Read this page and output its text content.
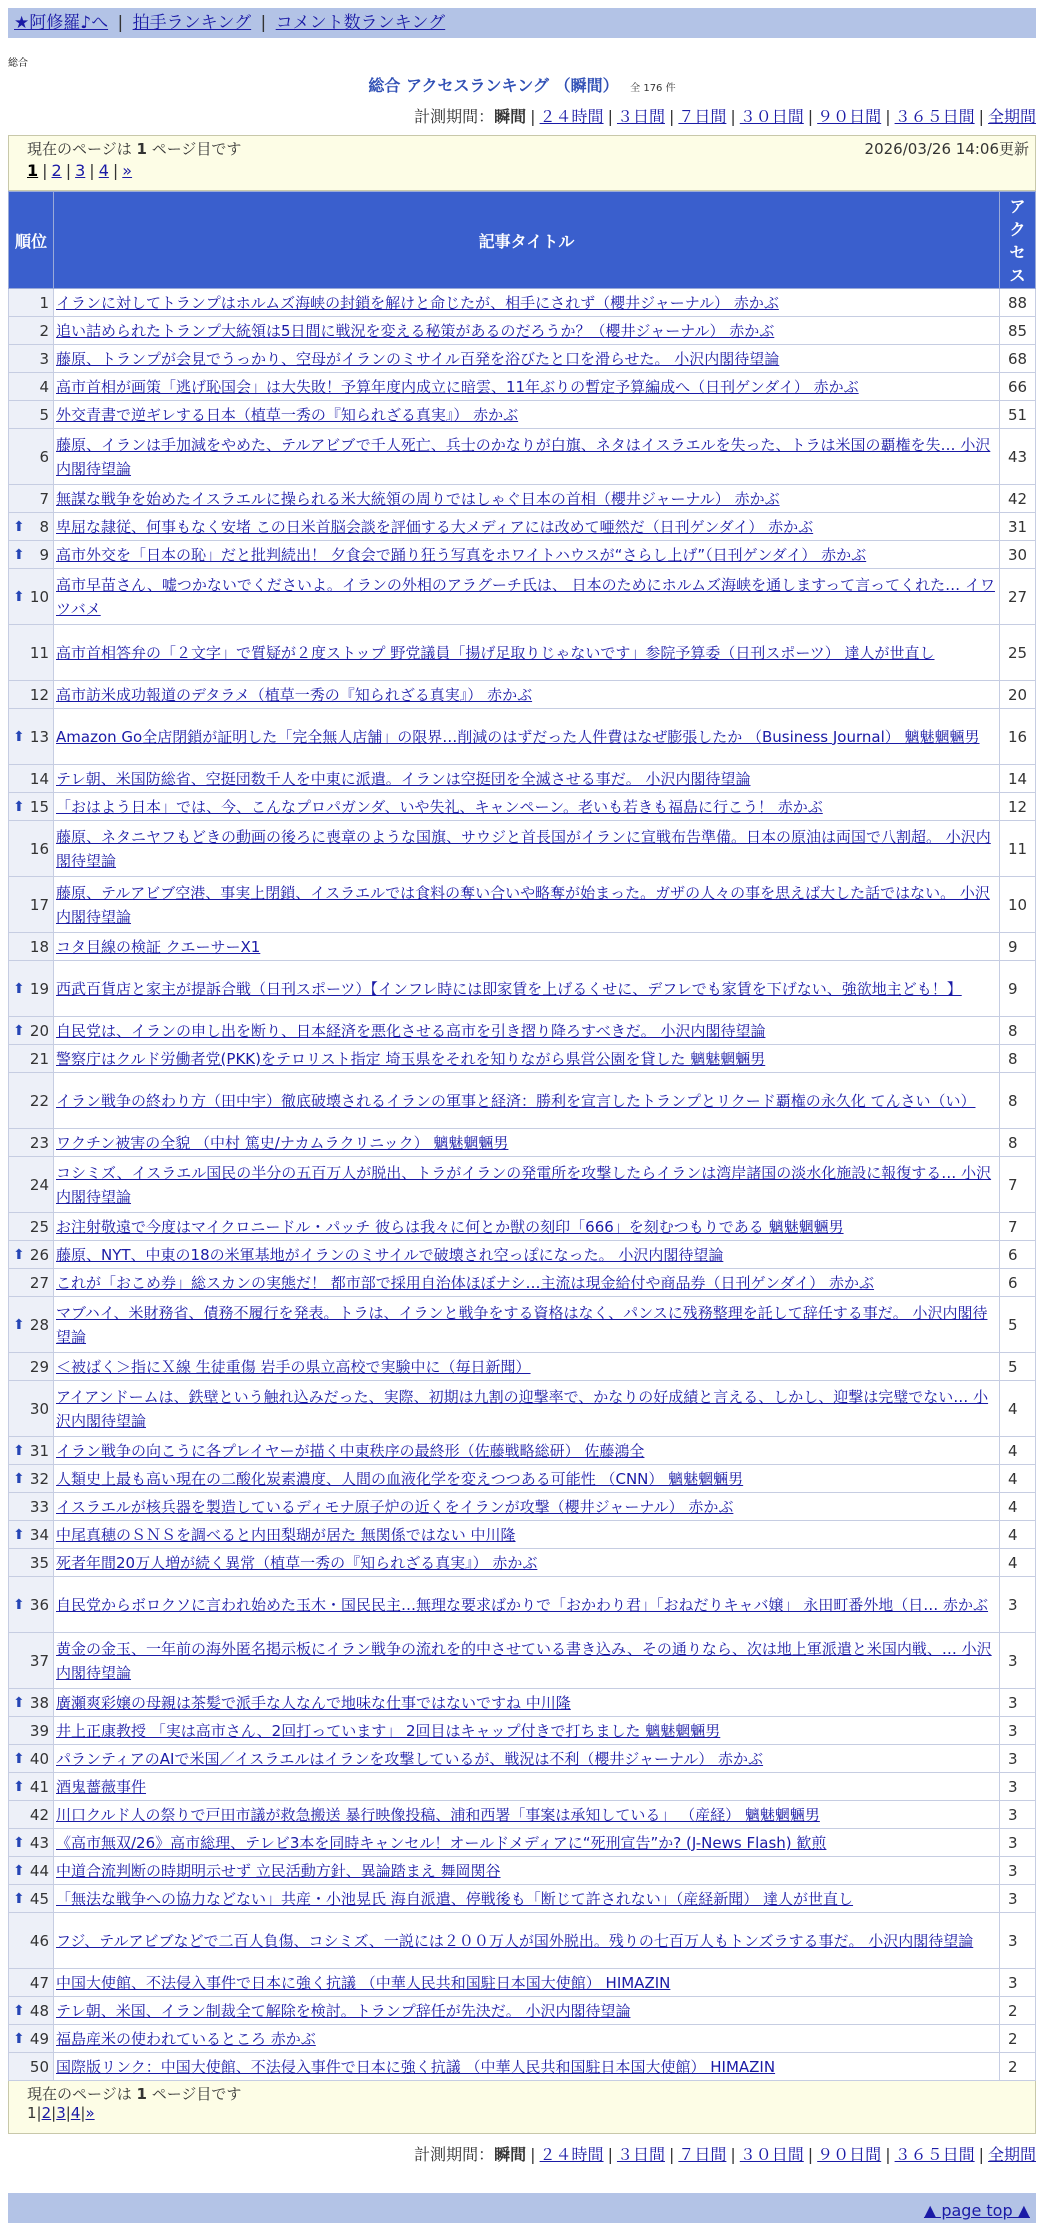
★阿修羅♪へ | 拍手ランキング | コメント数ランキング
総合
総合 アクセスランキング （瞬間） 全 176 件
計測期間：瞬間 | ２４時間 | ３日間 | ７日間 | ３０日間 | ９０日間 | ３６５日間 | 全期間
現在のページは 1 ページ目です	2026/03/26 14:06更新
1 | 2 | 3 | 4 | »
順位	記事タイトル	アクセス
1	イランに対してトランプはホルムズ海峡の封鎖を解けと命じたが、相手にされず（櫻井ジャーナル） 赤かぶ	88
2	追い詰められたトランプ大統領は5日間に戦況を変える秘策があるのだろうか？（櫻井ジャーナル） 赤かぶ	85
3	藤原、トランプが会見でうっかり、空母がイランのミサイル百発を浴びたと口を滑らせた。 小沢内閣待望論	68
4	高市首相が画策「逃げ恥国会」は大失敗！予算年度内成立に暗雲、11年ぶりの暫定予算編成へ（日刊ゲンダイ） 赤かぶ	66
5	外交青書で逆ギレする日本（植草一秀の『知られざる真実』） 赤かぶ	51
6	藤原、イランは手加減をやめた、テルアビブで千人死亡、兵士のかなりが白旗、ネタはイスラエルを失った、トラは米国の覇権を失… 小沢内閣待望論	43
7	無謀な戦争を始めたイスラエルに操られる米大統領の周りではしゃぐ日本の首相（櫻井ジャーナル） 赤かぶ	42

⬆ 8	卑屈な隷従、何事もなく安堵 この日米首脳会談を評価する大メディアには改めて唖然だ（日刊ゲンダイ） 赤かぶ	31

⬆ 9	高市外交を「日本の恥」だと批判続出！ 夕食会で踊り狂う写真をホワイトハウスが“さらし上げ”（日刊ゲンダイ） 赤かぶ	30

⬆ 10	高市早苗さん、嘘つかないでくださいよ。イランの外相のアラグーチ氏は、 日本のためにホルムズ海峡を通しますって言ってくれた… イワツバメ	27
11	高市首相答弁の「２文字」で質疑が２度ストップ 野党議員「揚げ足取りじゃないです」参院予算委（日刊スポーツ） 達人が世直し	25
12	高市訪米成功報道のデタラメ（植草一秀の『知られざる真実』） 赤かぶ	20

⬆ 13	Amazon Go全店閉鎖が証明した「完全無人店舗」の限界…削減のはずだった人件費はなぜ膨張したか （Business Journal） 魑魅魍魎男	16
14	テレ朝、米国防総省、空挺団数千人を中東に派遣。イランは空挺団を全滅させる事だ。 小沢内閣待望論	14

⬆ 15	「おはよう日本」では、今、こんなプロパガンダ、いや失礼、キャンペーン。老いも若きも福島に行こう！ 赤かぶ	12
16	藤原、ネタニヤフもどきの動画の後ろに喪章のような国旗、サウジと首長国がイランに宣戦布告準備。日本の原油は両国で八割超。 小沢内閣待望論	11
17	藤原、テルアビブ空港、事実上閉鎖、イスラエルでは食料の奪い合いや略奪が始まった。ガザの人々の事を思えば大した話ではない。 小沢内閣待望論	10
18	コタ目線の検証 クエーサーX1	9

⬆ 19	西武百貨店と家主が提訴合戦（日刊スポーツ）【インフレ時には即家賃を上げるくせに、デフレでも家賃を下げない、強欲地主ども！】	9

⬆ 20	自民党は、イランの申し出を断り、日本経済を悪化させる高市を引き摺り降ろすべきだ。 小沢内閣待望論	8
21	警察庁はクルド労働者党(PKK)をテロリスト指定 埼玉県をそれを知りながら県営公園を貸した 魑魅魍魎男	8
22	イラン戦争の終わり方（田中宇）徹底破壊されるイランの軍事と経済：勝利を宣言したトランプとリクード覇権の永久化 てんさい（い）	8
23	ワクチン被害の全貌 （中村 篤史/ナカムラクリニック） 魑魅魍魎男	8
24	コシミズ、イスラエル国民の半分の五百万人が脱出、トラがイランの発電所を攻撃したらイランは湾岸諸国の淡水化施設に報復する… 小沢内閣待望論	7
25	お注射敬遠で今度はマイクロニードル・パッチ 彼らは我々に何とか獣の刻印「666」を刻むつもりである 魑魅魍魎男	7

⬆ 26	藤原、NYT、中東の18の米軍基地がイランのミサイルで破壊され空っぽになった。 小沢内閣待望論	6
27	これが「おこめ券」総スカンの実態だ！ 都市部で採用自治体ほぼナシ…主流は現金給付や商品券（日刊ゲンダイ） 赤かぶ	6

⬆ 28	マブハイ、米財務省、債務不履行を発表。トラは、イランと戦争をする資格はなく、パンスに残務整理を託して辞任する事だ。 小沢内閣待望論	5
29	＜被ばく＞指にＸ線 生徒重傷 岩手の県立高校で実験中に（毎日新聞）	5
30	アイアンドームは、鉄壁という触れ込みだった、実際、初期は九割の迎撃率で、かなりの好成績と言える、しかし、迎撃は完璧でない… 小沢内閣待望論	4

⬆ 31	イラン戦争の向こうに各プレイヤーが描く中東秩序の最終形（佐藤戦略総研） 佐藤鴻全	4

⬆ 32	人類史上最も高い現在の二酸化炭素濃度、人間の血液化学を変えつつある可能性 （CNN） 魑魅魍魎男	4
33	イスラエルが核兵器を製造しているディモナ原子炉の近くをイランが攻撃（櫻井ジャーナル） 赤かぶ	4

⬆ 34	中尾真穂のＳＮＳを調べると内田梨瑚が居た 無関係ではない 中川隆	4
35	死者年間20万人増が続く異常（植草一秀の『知られざる真実』） 赤かぶ	4

⬆ 36	自民党からボロクソに言われ始めた玉木・国民民主…無理な要求ばかりで「おかわり君」「おねだりキャバ嬢」 永田町番外地（日… 赤かぶ	3
37	黄金の金玉、一年前の海外匿名掲示板にイラン戦争の流れを的中させている書き込み、その通りなら、次は地上軍派遣と米国内戦、… 小沢内閣待望論	3

⬆ 38	廣瀬爽彩嬢の母親は茶髪で派手な人なんで地味な仕事ではないですね 中川隆	3
39	井上正康教授 「実は高市さん、2回打っています」 2回目はキャップ付きで打ちました 魑魅魍魎男	3

⬆ 40	パランティアのAIで米国／イスラエルはイランを攻撃しているが、戦況は不利（櫻井ジャーナル） 赤かぶ	3

⬆ 41	酒鬼薔薇事件	3
42	川口クルド人の祭りで戸田市議が救急搬送 暴行映像投稿、浦和西署「事案は承知している」 （産経） 魑魅魍魎男	3

⬆ 43	《高市無双/26》高市総理、テレビ3本を同時キャンセル！オールドメディアに“死刑宣告”か? (J-News Flash) 歓煎	3

⬆ 44	中道合流判断の時期明示せず 立民活動方針、異論踏まえ 舞岡関谷	3

⬆ 45	「無法な戦争への協力などない」共産・小池晃氏 海自派遣、停戦後も「断じて許されない」（産経新聞） 達人が世直し	3
46	フジ、テルアビブなどで二百人負傷、コシミズ、一説には２００万人が国外脱出。残りの七百万人もトンズラする事だ。 小沢内閣待望論	3
47	中国大使館、不法侵入事件で日本に強く抗議 （中華人民共和国駐日本国大使館） HIMAZIN	3

⬆ 48	テレ朝、米国、イラン制裁全て解除を検討。トランプ辞任が先決だ。 小沢内閣待望論	2

⬆ 49	福島産米の使われているところ 赤かぶ	2
50	国際版リンク：中国大使館、不法侵入事件で日本に強く抗議 （中華人民共和国駐日本国大使館） HIMAZIN	2
現在のページは 1 ページ目です
1|2|3|4|»
計測期間：瞬間 | ２４時間 | ３日間 | ７日間 | ３０日間 | ９０日間 | ３６５日間 | 全期間
▲ page top ▲
